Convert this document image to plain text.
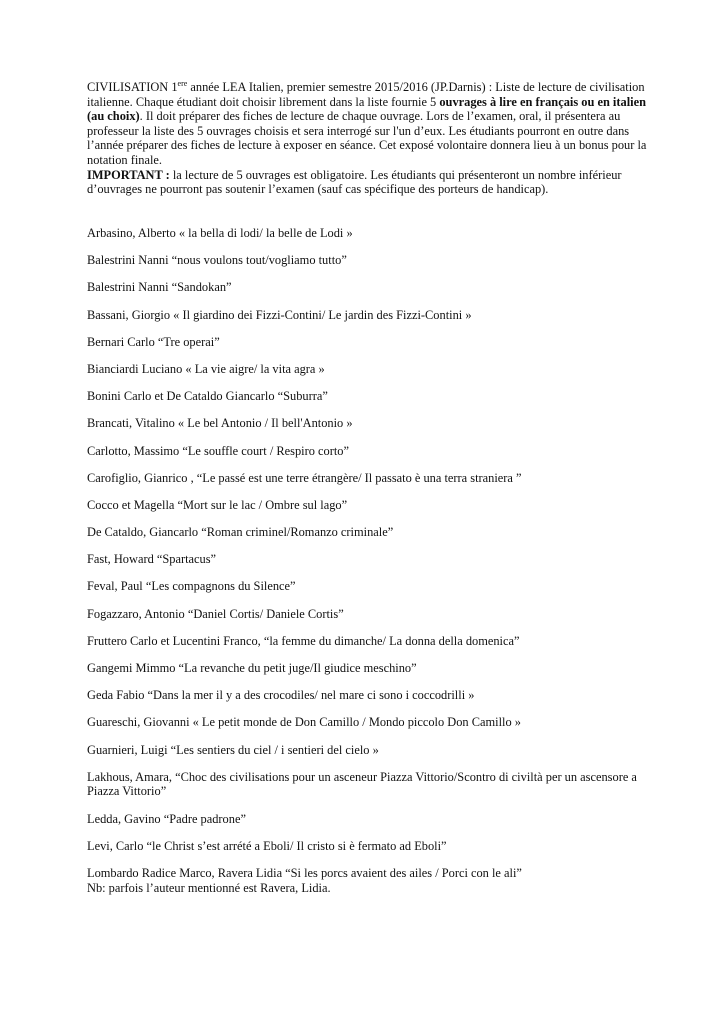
CIVILISATION 1ere année LEA Italien, premier semestre 2015/2016 (JP.Darnis) : Liste de lecture de civilisation italienne. Chaque étudiant doit choisir librement dans la liste fournie 5 ouvrages à lire en français ou en italien (au choix). Il doit préparer des fiches de lecture de chaque ouvrage. Lors de l’examen, oral, il présentera au professeur la liste des 5 ouvrages choisis et sera interrogé sur l'un d’eux. Les étudiants pourront en outre dans l’année préparer des fiches de lecture à exposer en séance. Cet exposé volontaire donnera lieu à un bonus pour la notation finale.

IMPORTANT : la lecture de 5 ouvrages est obligatoire. Les étudiants qui présenteront un nombre inférieur d’ouvrages ne pourront pas soutenir l’examen (sauf cas spécifique des porteurs de handicap).

Arbasino, Alberto « la bella di lodi/ la belle de Lodi »
Balestrini Nanni “nous voulons tout/vogliamo tutto”
Balestrini Nanni “Sandokan”
Bassani, Giorgio « Il giardino dei Fizzi-Contini/ Le jardin des Fizzi-Contini »
Bernari Carlo “Tre operai”
Bianciardi Luciano « La vie aigre/ la vita agra »
Bonini Carlo et De Cataldo Giancarlo “Suburra”
Brancati, Vitalino « Le bel Antonio / Il bell'Antonio »
Carlotto, Massimo “Le souffle court / Respiro corto”
Carofiglio, Gianrico , “Le passé est une terre étrangère/ Il passato è una terra straniera ”
Cocco et Magella “Mort sur le lac / Ombre sul lago”
De Cataldo, Giancarlo “Roman criminel/Romanzo criminale”
Fast, Howard “Spartacus”
Feval, Paul “Les compagnons du Silence”
Fogazzaro, Antonio “Daniel Cortis/ Daniele Cortis”
Fruttero Carlo et Lucentini Franco, “la femme du dimanche/ La donna della domenica”
Gangemi Mimmo “La revanche du petit juge/Il giudice meschino”
Geda Fabio “Dans la mer il y a des crocodiles/ nel mare ci sono i coccodrilli »
Guareschi, Giovanni « Le petit monde de Don Camillo / Mondo piccolo Don Camillo »
Guarnieri, Luigi “Les sentiers du ciel / i sentieri del cielo »
Lakhous, Amara, “Choc des civilisations pour un asceneur Piazza Vittorio/Scontro di civiltà per un ascensore a Piazza Vittorio”
Ledda, Gavino “Padre padrone”
Levi, Carlo “le Christ s’est arrété a Eboli/ Il cristo si è fermato ad Eboli”
Lombardo Radice Marco, Ravera Lidia “Si les porcs avaient des ailes / Porci con le ali”
Nb: parfois l’auteur mentionné est Ravera, Lidia.
